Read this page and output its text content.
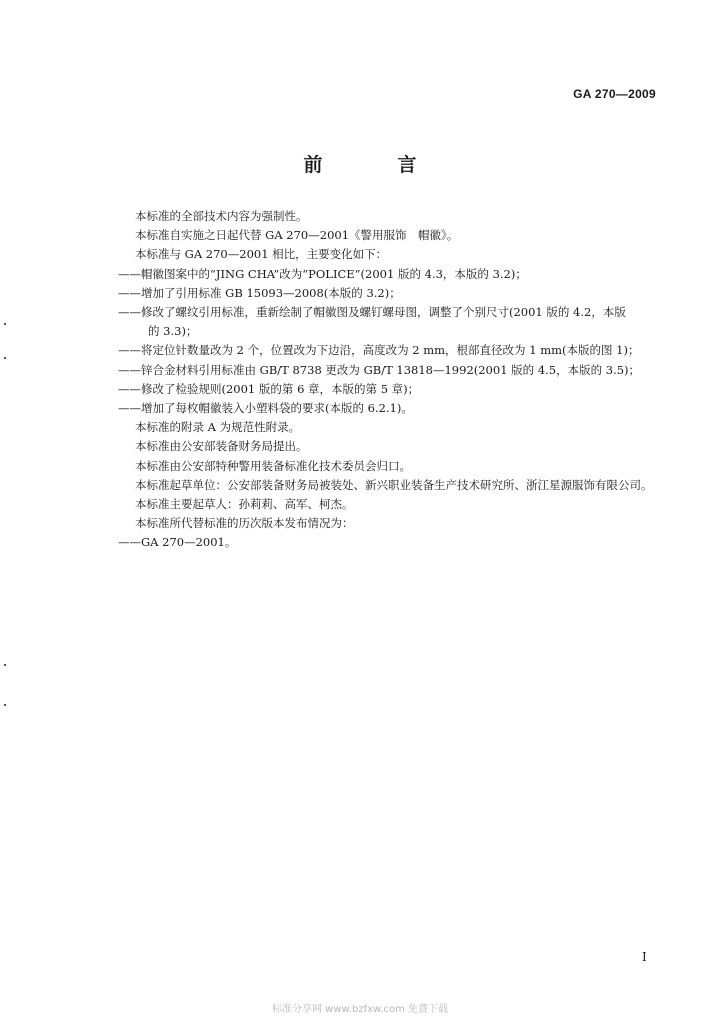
GA 270—2009
前　言

本标准的全部技术内容为强制性。

本标准自实施之日起代替 GA 270—2001《警用服饰　帽徽》。

本标准与 GA 270—2001 相比，主要变化如下：

——帽徽图案中的“JING CHA”改为“POLICE”(2001 版的 4.3，本版的 3.2)；

——增加了引用标准 GB 15093—2008(本版的 3.2)；

——修改了螺纹引用标准，重新绘制了帽徽图及螺钉螺母图，调整了个别尺寸(2001 版的 4.2，本版

的 3.3)；

——将定位针数量改为 2 个，位置改为下边沿，高度改为 2 mm，根部直径改为 1 mm(本版的图 1)；

——锌合金材料引用标准由 GB/T 8738 更改为 GB/T 13818—1992(2001 版的 4.5，本版的 3.5)；

——修改了检验规则(2001 版的第 6 章，本版的第 5 章)；

——增加了每枚帽徽装入小塑料袋的要求(本版的 6.2.1)。

本标准的附录 A 为规范性附录。

本标准由公安部装备财务局提出。

本标准由公安部特种警用装备标准化技术委员会归口。

本标准起草单位：公安部装备财务局被装处、新兴职业装备生产技术研究所、浙江星源服饰有限公司。

本标准主要起草人：孙莉莉、高军、柯杰。

本标准所代替标准的历次版本发布情况为：

——GA 270—2001。

I
标准分享网 www.bzfxw.com 免费下载
